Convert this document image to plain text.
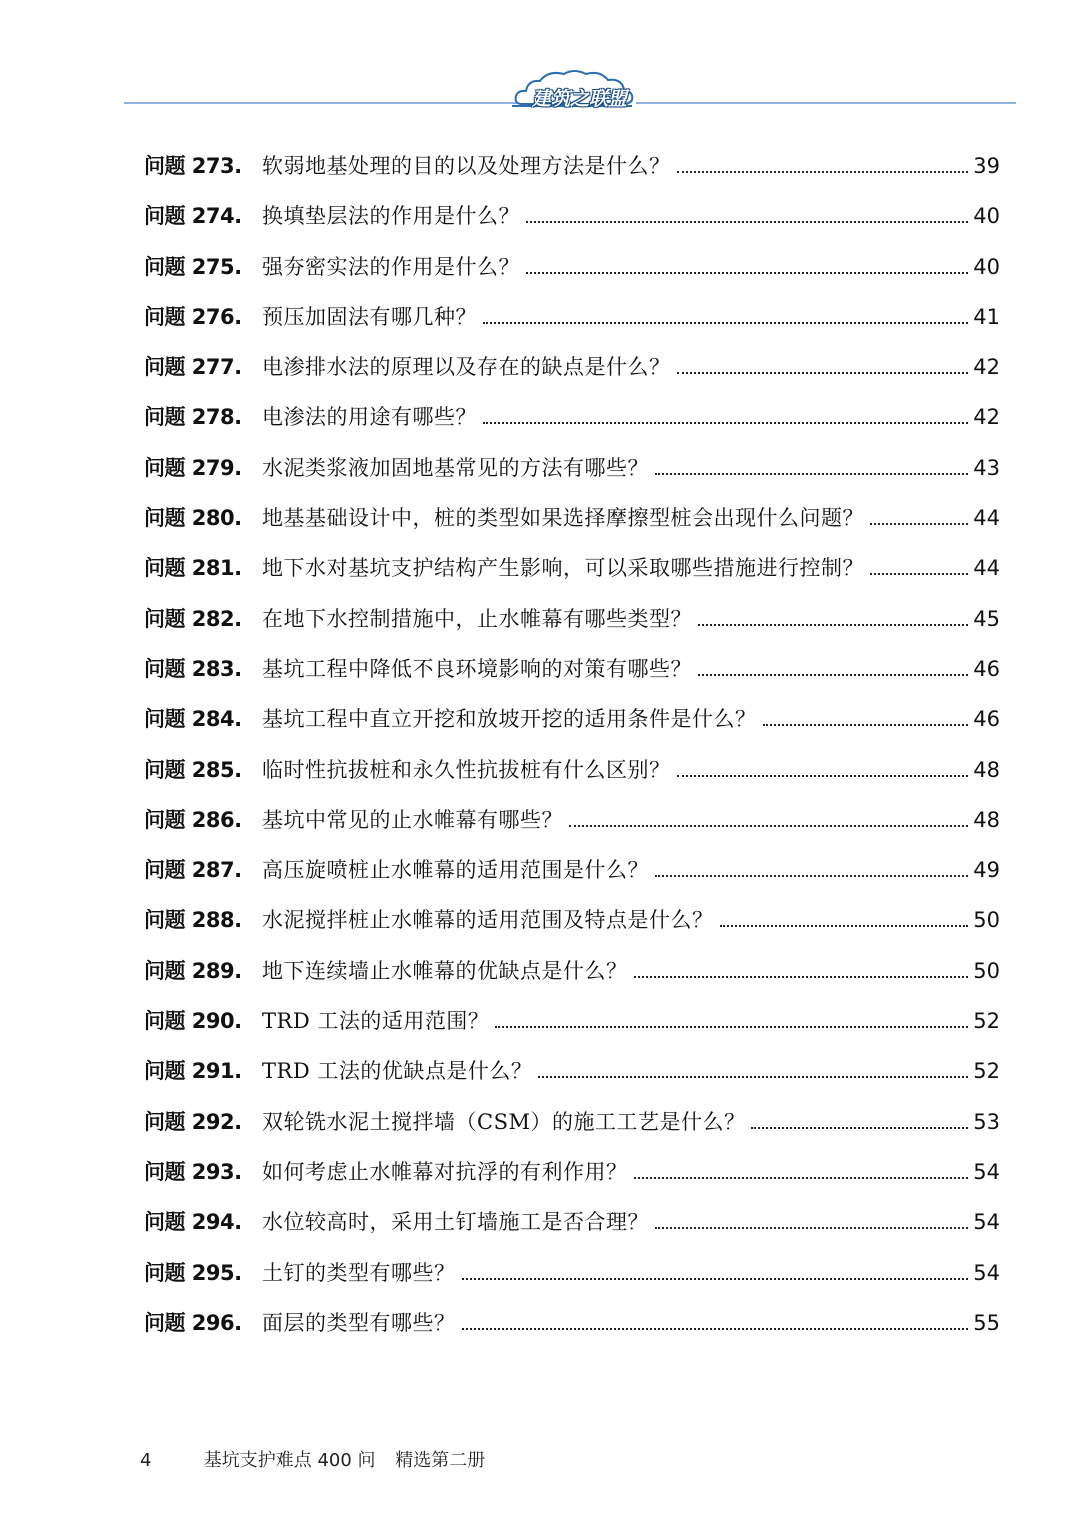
建筑之联盟
问题 273. 软弱地基处理的目的以及处理方法是什么？	39
问题 274. 换填垫层法的作用是什么？	40
问题 275. 强夯密实法的作用是什么？	40
问题 276. 预压加固法有哪几种？	41
问题 277. 电渗排水法的原理以及存在的缺点是什么？	42
问题 278. 电渗法的用途有哪些？	42
问题 279. 水泥类浆液加固地基常见的方法有哪些？	43
问题 280. 地基基础设计中，桩的类型如果选择摩擦型桩会出现什么问题？	44
问题 281. 地下水对基坑支护结构产生影响，可以采取哪些措施进行控制？	44
问题 282. 在地下水控制措施中，止水帷幕有哪些类型？	45
问题 283. 基坑工程中降低不良环境影响的对策有哪些？	46
问题 284. 基坑工程中直立开挖和放坡开挖的适用条件是什么？	46
问题 285. 临时性抗拔桩和永久性抗拔桩有什么区别？	48
问题 286. 基坑中常见的止水帷幕有哪些？	48
问题 287. 高压旋喷桩止水帷幕的适用范围是什么？	49
问题 288. 水泥搅拌桩止水帷幕的适用范围及特点是什么？	50
问题 289. 地下连续墙止水帷幕的优缺点是什么？	50
问题 290. TRD 工法的适用范围？	52
问题 291. TRD 工法的优缺点是什么？	52
问题 292. 双轮铣水泥土搅拌墙（CSM）的施工工艺是什么？	53
问题 293. 如何考虑止水帷幕对抗浮的有利作用？	54
问题 294. 水位较高时，采用土钉墙施工是否合理？	54
问题 295. 土钉的类型有哪些？	54
问题 296. 面层的类型有哪些？	55
4	基坑支护难点 400 问 精选第二册
